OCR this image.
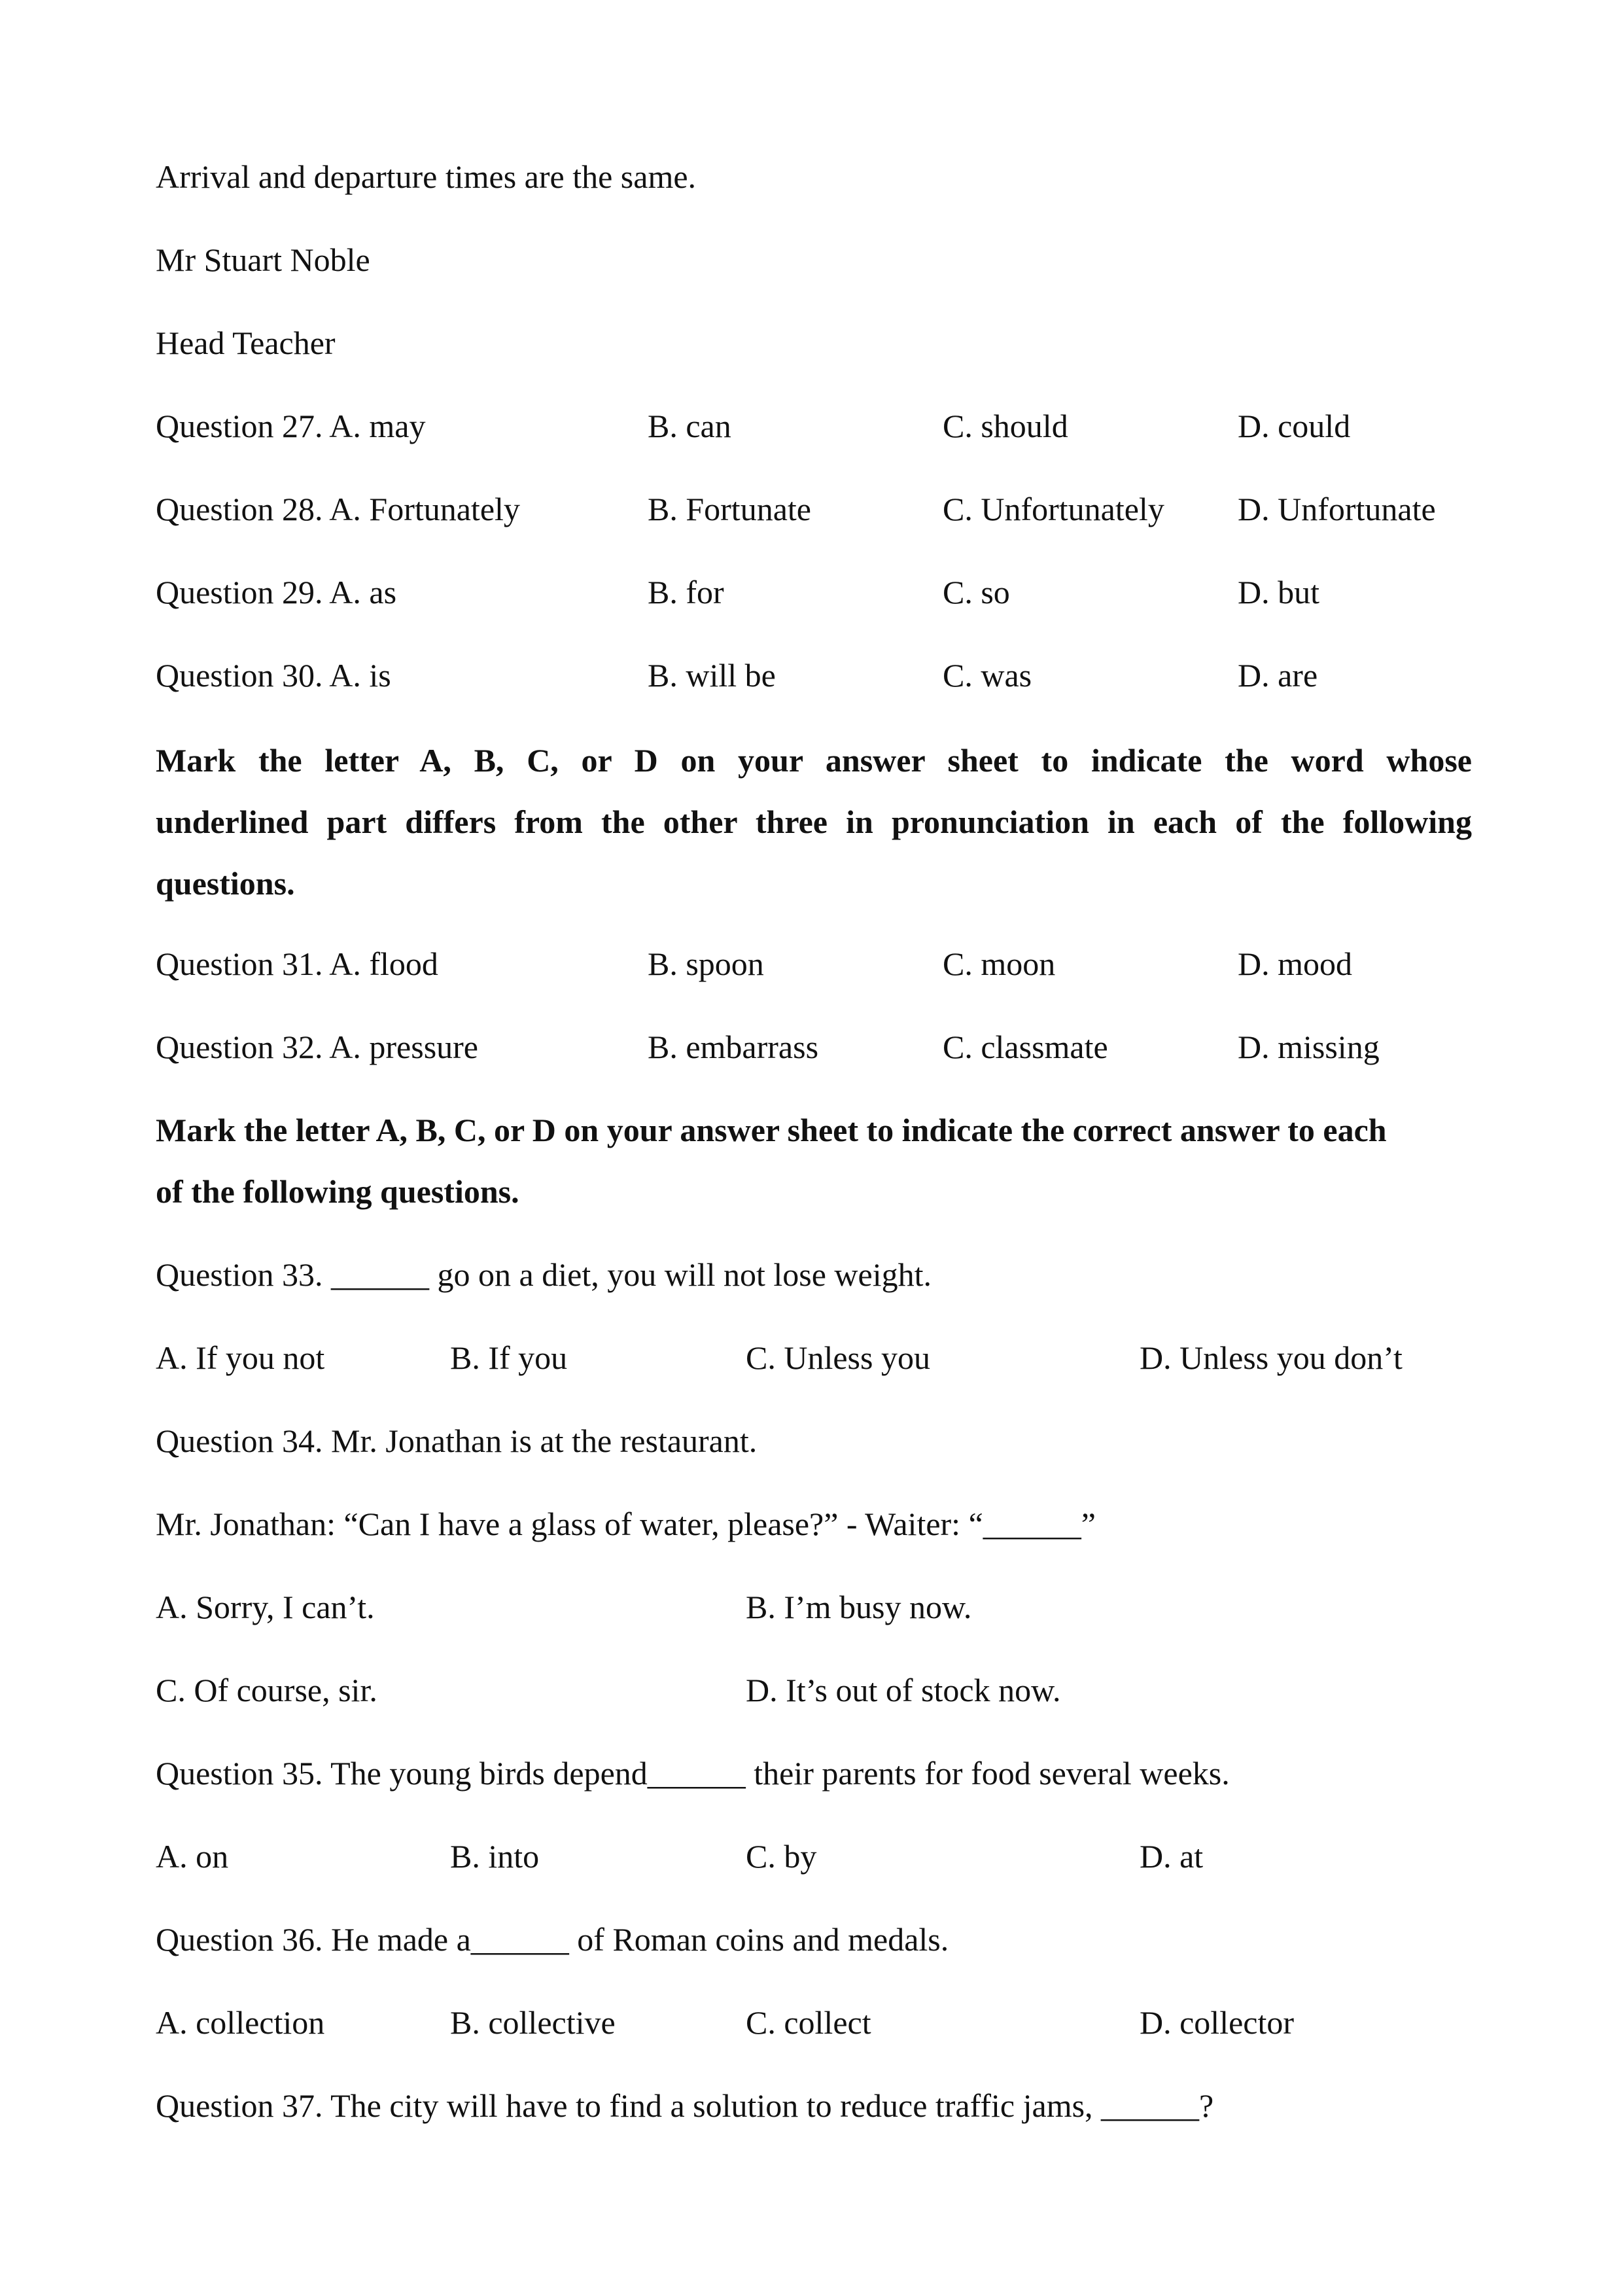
Arrival and departure times are the same.
Mr Stuart Noble
Head Teacher
Question 27. A. may	B. can	C. should	D. could
Question 28. A. Fortunately	B. Fortunate	C. Unfortunately D. Unfortunate
Question 29. A. as	B. for	C. so	D. but
Question 30. A. is	B. will be	C. was	D. are
Mark the letter A, B, C, or D on your answer sheet to indicate the word whose
underlined part differs from the other three in pronunciation in each of the following
questions.
Question 31. A. flood	B. spoon	C. moon	D. mood
Question 32. A. pressure	B. embarrass	C. classmate	D. missing
Mark the letter A, B, C, or D on your answer sheet to indicate the correct answer to each
of the following questions.
Question 33. ______ go on a diet, you will not lose weight.
A. If you not	B. If you	C. Unless you	D. Unless you don’t
Question 34. Mr. Jonathan is at the restaurant.
Mr. Jonathan: “Can I have a glass of water, please?” - Waiter: “______”
A. Sorry, I can’t.	B. I’m busy now.
C. Of course, sir.	D. It’s out of stock now.
Question 35. The young birds depend______ their parents for food several weeks.
A. on	B. into	C. by	D. at
Question 36. He made a______ of Roman coins and medals.
A. collection	B. collective	C. collect	D. collector
Question 37. The city will have to find a solution to reduce traffic jams, ______?
